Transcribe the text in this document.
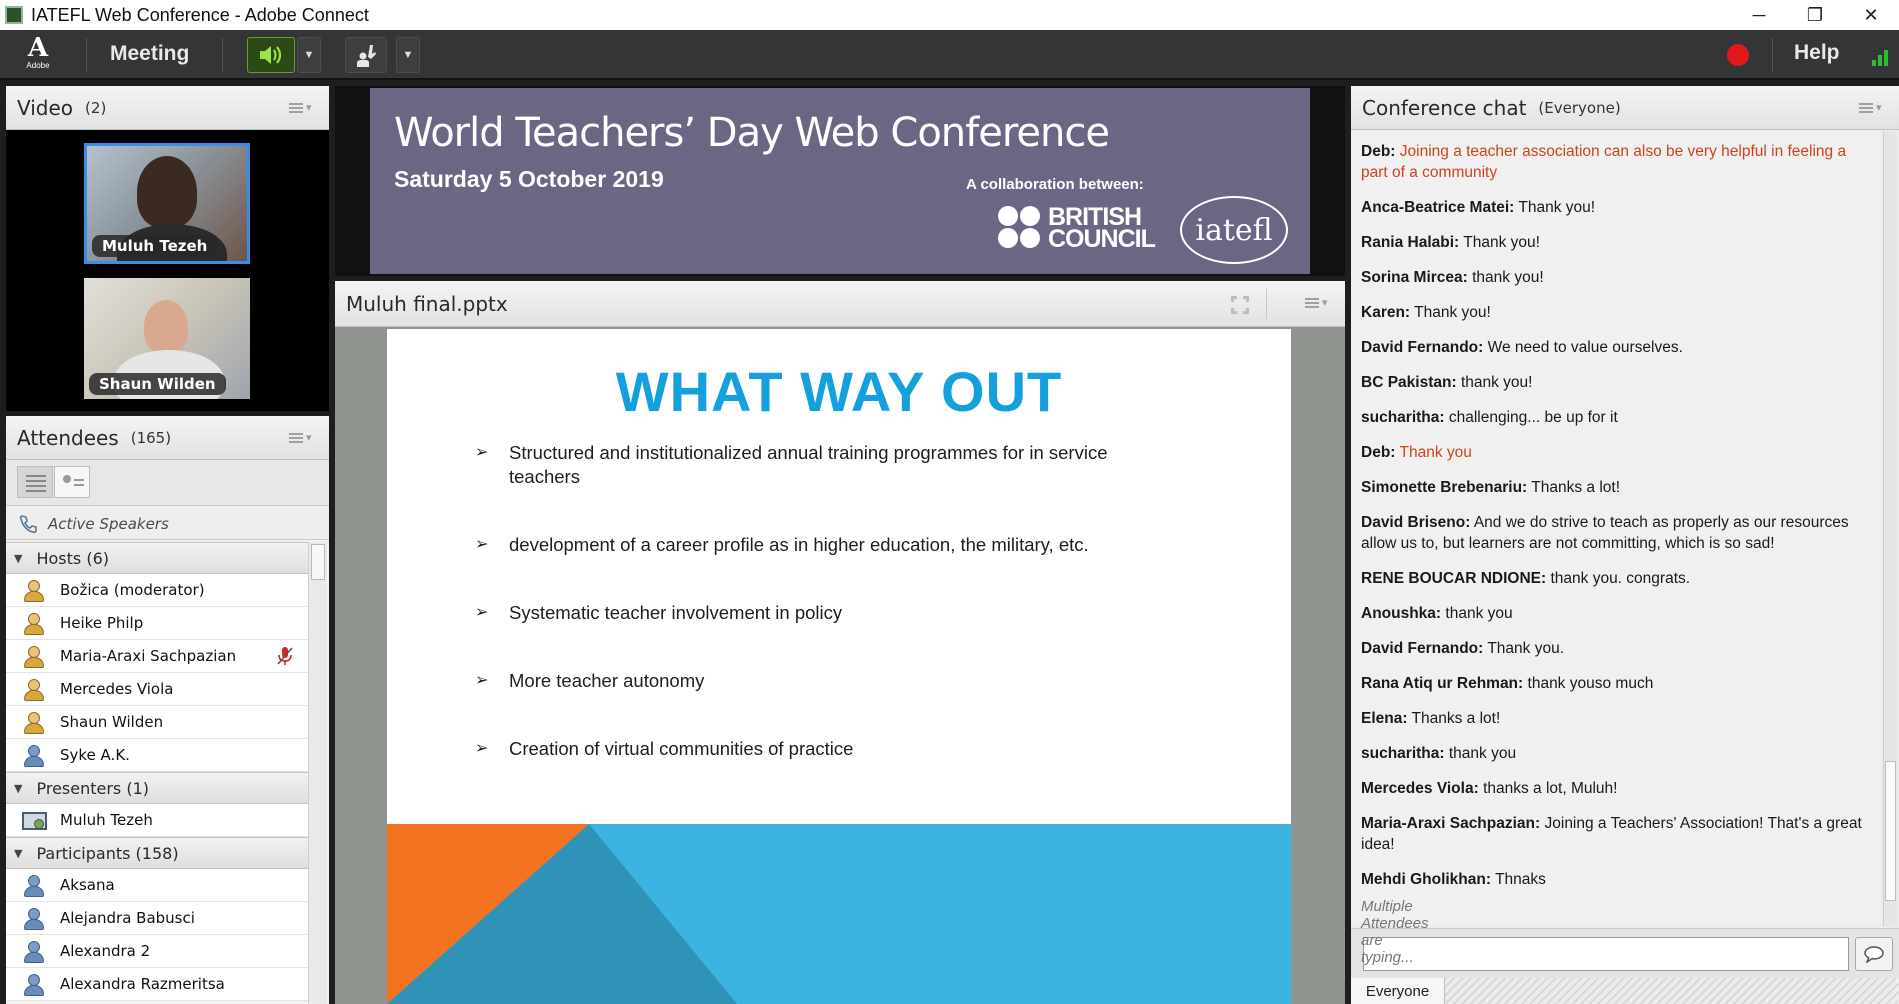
IATEFL Web Conference - Adobe Connect	─	❐	✕
A
Adobe
Meeting	▼	▼	Help
Video (2)	▾
Muluh Tezeh
Shaun Wilden
Attendees (165)	▾
Active Speakers
▼ Hosts (6)
Božica (moderator)
Heike Philp
Maria-Araxi Sachpazian
Mercedes Viola
Shaun Wilden
Syke A.K.
▼ Presenters (1)
Muluh Tezeh
▼ Participants (158)
Aksana
Alejandra Babusci
Alexandra 2
Alexandra Razmeritsa
World Teachers’ Day Web Conference
Saturday 5 October 2019	A collaboration between:
BRITISH
COUNCIL	iatefl
Muluh final.pptx	▾
WHAT WAY OUT
➢ Structured and institutionalized annual training programmes for in service teachers
➢ development of a career profile as in higher education, the military, etc.
➢ Systematic teacher involvement in policy
➢ More teacher autonomy
➢ Creation of virtual communities of practice
Conference chat (Everyone)	▾
Deb: Joining a teacher association can also be very helpful in feeling a part of a community
Anca-Beatrice Matei: Thank you!
Rania Halabi: Thank you!
Sorina Mircea: thank you!
Karen: Thank you!
David Fernando: We need to value ourselves.
BC Pakistan: thank you!
sucharitha: challenging... be up for it
Deb: Thank you
Simonette Brebenariu: Thanks a lot!
David Briseno: And we do strive to teach as properly as our resources allow us to, but learners are not committing, which is so sad!
RENE BOUCAR NDIONE: thank you. congrats.
Anoushka: thank you
David Fernando: Thank you.
Rana Atiq ur Rehman: thank youso much
Elena: Thanks a lot!
sucharitha: thank you
Mercedes Viola: thanks a lot, Muluh!
Maria-Araxi Sachpazian: Joining a Teachers' Association! That's a great idea!
Mehdi Gholikhan: Thnaks
Everyone
Multiple Attendees are typing...
